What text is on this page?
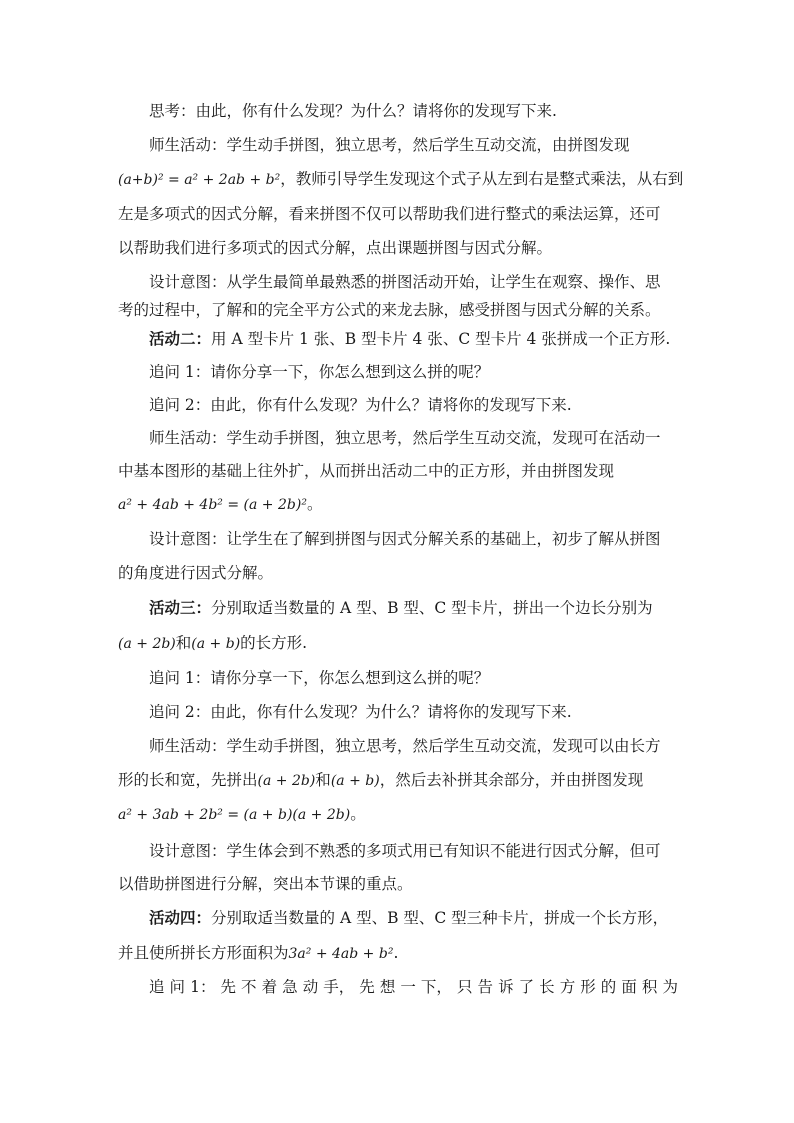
思考：由此，你有什么发现？为什么？请将你的发现写下来.
师生活动：学生动手拼图，独立思考，然后学生互动交流，由拼图发现
(a+b)² = a² + 2ab + b²，教师引导学生发现这个式子从左到右是整式乘法，从右到
左是多项式的因式分解，看来拼图不仅可以帮助我们进行整式的乘法运算，还可
以帮助我们进行多项式的因式分解，点出课题拼图与因式分解。
设计意图：从学生最简单最熟悉的拼图活动开始，让学生在观察、操作、思
考的过程中，了解和的完全平方公式的来龙去脉，感受拼图与因式分解的关系。
活动二：用 A 型卡片 1 张、B 型卡片 4 张、C 型卡片 4 张拼成一个正方形.
追问 1：请你分享一下，你怎么想到这么拼的呢？
追问 2：由此，你有什么发现？为什么？请将你的发现写下来.
师生活动：学生动手拼图，独立思考，然后学生互动交流，发现可在活动一
中基本图形的基础上往外扩，从而拼出活动二中的正方形，并由拼图发现
a² + 4ab + 4b² = (a + 2b)²。
设计意图：让学生在了解到拼图与因式分解关系的基础上，初步了解从拼图
的角度进行因式分解。
活动三：分别取适当数量的 A 型、B 型、C 型卡片，拼出一个边长分别为
(a + 2b)和(a + b)的长方形.
追问 1：请你分享一下，你怎么想到这么拼的呢？
追问 2：由此，你有什么发现？为什么？请将你的发现写下来.
师生活动：学生动手拼图，独立思考，然后学生互动交流，发现可以由长方
形的长和宽，先拼出(a + 2b)和(a + b)，然后去补拼其余部分，并由拼图发现
a² + 3ab + 2b² = (a + b)(a + 2b)。
设计意图：学生体会到不熟悉的多项式用已有知识不能进行因式分解，但可
以借助拼图进行分解，突出本节课的重点。
活动四：分别取适当数量的 A 型、B 型、C 型三种卡片，拼成一个长方形，
并且使所拼长方形面积为3a² + 4ab + b².
追 问 1： 先 不 着 急 动 手， 先 想 一 下， 只 告 诉 了 长 方 形 的 面 积 为
